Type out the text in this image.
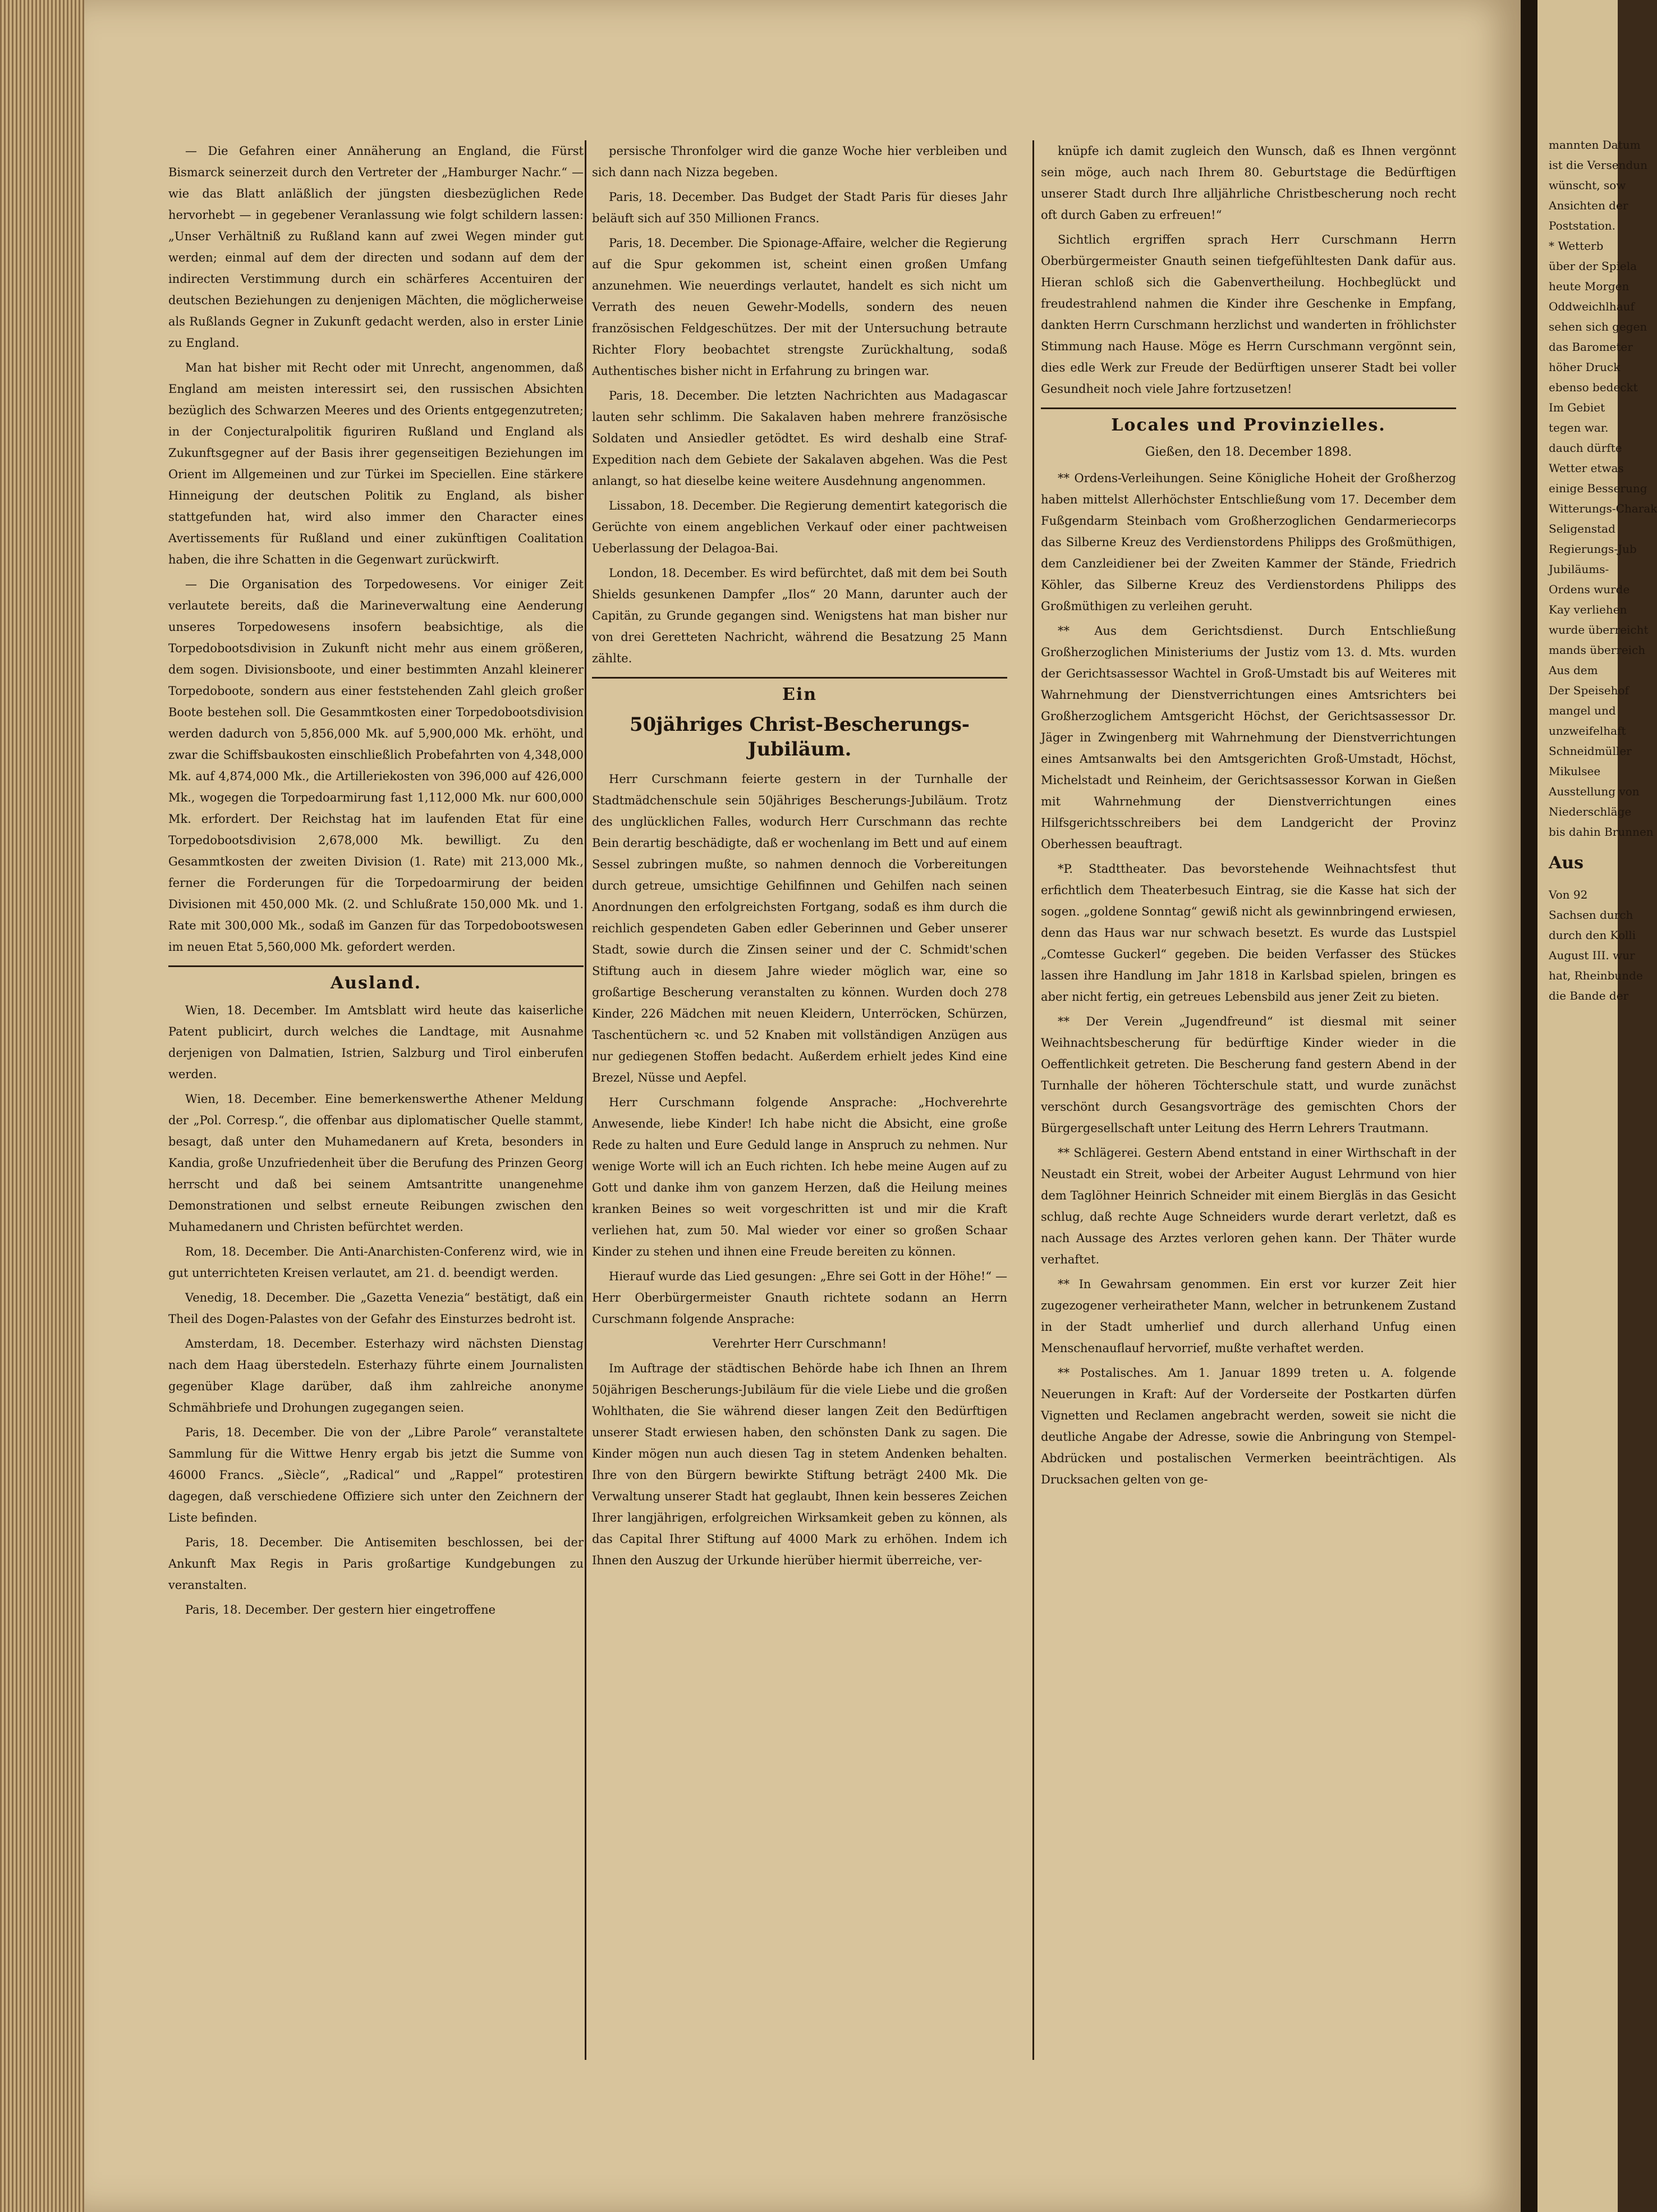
— Die Gefahren einer Annäherung an England, die Fürst Bismarck seinerzeit durch den Vertreter der „Hamburger Nachr.“ — wie das Blatt anläßlich der jüngsten diesbezüglichen Rede hervorhebt — in gegebener Veranlassung wie folgt schildern lassen: „Unser Verhältniß zu Rußland kann auf zwei Wegen minder gut werden; einmal auf dem der directen und sodann auf dem der indirecten Verstimmung durch ein schärferes Accentuiren der deutschen Beziehungen zu denjenigen Mächten, die möglicherweise als Rußlands Gegner in Zukunft gedacht werden, also in erster Linie zu England.

Man hat bisher mit Recht oder mit Unrecht, angenommen, daß England am meisten interessirt sei, den russischen Absichten bezüglich des Schwarzen Meeres und des Orients entgegenzutreten; in der Conjecturalpolitik figuriren Rußland und England als Zukunftsgegner auf der Basis ihrer gegenseitigen Beziehungen im Orient im Allgemeinen und zur Türkei im Speciellen. Eine stärkere Hinneigung der deutschen Politik zu England, als bisher stattgefunden hat, wird also immer den Character eines Avertissements für Rußland und einer zukünftigen Coalitation haben, die ihre Schatten in die Gegenwart zurückwirft.

— Die Organisation des Torpedowesens. Vor einiger Zeit verlautete bereits, daß die Marineverwaltung eine Aenderung unseres Torpedowesens insofern beabsichtige, als die Torpedobootsdivision in Zukunft nicht mehr aus einem größeren, dem sogen. Divisionsboote, und einer bestimmten Anzahl kleinerer Torpedoboote, sondern aus einer feststehenden Zahl gleich großer Boote bestehen soll. Die Gesammtkosten einer Torpedobootsdivision werden dadurch von 5,856,000 Mk. auf 5,900,000 Mk. erhöht, und zwar die Schiffsbaukosten einschließlich Probefahrten von 4,348,000 Mk. auf 4,874,000 Mk., die Artilleriekosten von 396,000 auf 426,000 Mk., wogegen die Torpedoarmirung fast 1,112,000 Mk. nur 600,000 Mk. erfordert. Der Reichstag hat im laufenden Etat für eine Torpedobootsdivision 2,678,000 Mk. bewilligt. Zu den Gesammtkosten der zweiten Division (1. Rate) mit 213,000 Mk., ferner die Forderungen für die Torpedoarmirung der beiden Divisionen mit 450,000 Mk. (2. und Schlußrate 150,000 Mk. und 1. Rate mit 300,000 Mk., sodaß im Ganzen für das Torpedobootswesen im neuen Etat 5,560,000 Mk. gefordert werden.

Ausland.

Wien, 18. December. Im Amtsblatt wird heute das kaiserliche Patent publicirt, durch welches die Landtage, mit Ausnahme derjenigen von Dalmatien, Istrien, Salzburg und Tirol einberufen werden.

Wien, 18. December. Eine bemerkenswerthe Athener Meldung der „Pol. Corresp.“, die offenbar aus diplomatischer Quelle stammt, besagt, daß unter den Muhamedanern auf Kreta, besonders in Kandia, große Unzufriedenheit über die Berufung des Prinzen Georg herrscht und daß bei seinem Amtsantritte unangenehme Demonstrationen und selbst erneute Reibungen zwischen den Muhamedanern und Christen befürchtet werden.

Rom, 18. December. Die Anti-Anarchisten-Conferenz wird, wie in gut unterrichteten Kreisen verlautet, am 21. d. beendigt werden.

Venedig, 18. December. Die „Gazetta Venezia“ bestätigt, daß ein Theil des Dogen-Palastes von der Gefahr des Einsturzes bedroht ist.

Amsterdam, 18. December. Esterhazy wird nächsten Dienstag nach dem Haag überstedeln. Esterhazy führte einem Journalisten gegenüber Klage darüber, daß ihm zahlreiche anonyme Schmähbriefe und Drohungen zugegangen seien.

Paris, 18. December. Die von der „Libre Parole“ veranstaltete Sammlung für die Wittwe Henry ergab bis jetzt die Summe von 46000 Francs. „Siècle“, „Radical“ und „Rappel“ protestiren dagegen, daß verschiedene Offiziere sich unter den Zeichnern der Liste befinden.

Paris, 18. December. Die Antisemiten beschlossen, bei der Ankunft Max Regis in Paris großartige Kundgebungen zu veranstalten.

Paris, 18. December. Der gestern hier eingetroffene

persische Thronfolger wird die ganze Woche hier verbleiben und sich dann nach Nizza begeben.

Paris, 18. December. Das Budget der Stadt Paris für dieses Jahr beläuft sich auf 350 Millionen Francs.

Paris, 18. December. Die Spionage-Affaire, welcher die Regierung auf die Spur gekommen ist, scheint einen großen Umfang anzunehmen. Wie neuerdings verlautet, handelt es sich nicht um Verrath des neuen Gewehr-Modells, sondern des neuen französischen Feldgeschützes. Der mit der Untersuchung betraute Richter Flory beobachtet strengste Zurückhaltung, sodaß Authentisches bisher nicht in Erfahrung zu bringen war.

Paris, 18. December. Die letzten Nachrichten aus Madagascar lauten sehr schlimm. Die Sakalaven haben mehrere französische Soldaten und Ansiedler getödtet. Es wird deshalb eine Straf-Expedition nach dem Gebiete der Sakalaven abgehen. Was die Pest anlangt, so hat dieselbe keine weitere Ausdehnung angenommen.

Lissabon, 18. December. Die Regierung dementirt kategorisch die Gerüchte von einem angeblichen Verkauf oder einer pachtweisen Ueberlassung der Delagoa-Bai.

London, 18. December. Es wird befürchtet, daß mit dem bei South Shields gesunkenen Dampfer „Ilos“ 20 Mann, darunter auch der Capitän, zu Grunde gegangen sind. Wenigstens hat man bisher nur von drei Geretteten Nachricht, während die Besatzung 25 Mann zählte.

Ein
50jähriges Christ-Bescherungs-Jubiläum.

Herr Curschmann feierte gestern in der Turnhalle der Stadtmädchenschule sein 50jähriges Bescherungs-Jubiläum. Trotz des unglücklichen Falles, wodurch Herr Curschmann das rechte Bein derartig beschädigte, daß er wochenlang im Bett und auf einem Sessel zubringen mußte, so nahmen dennoch die Vorbereitungen durch getreue, umsichtige Gehilfinnen und Gehilfen nach seinen Anordnungen den erfolgreichsten Fortgang, sodaß es ihm durch die reichlich gespendeten Gaben edler Geberinnen und Geber unserer Stadt, sowie durch die Zinsen seiner und der C. Schmidt'schen Stiftung auch in diesem Jahre wieder möglich war, eine so großartige Bescherung veranstalten zu können. Wurden doch 278 Kinder, 226 Mädchen mit neuen Kleidern, Unterröcken, Schürzen, Taschentüchern ꝛc. und 52 Knaben mit vollständigen Anzügen aus nur gediegenen Stoffen bedacht. Außerdem erhielt jedes Kind eine Brezel, Nüsse und Aepfel.

Herr Curschmann folgende Ansprache: „Hochverehrte Anwesende, liebe Kinder! Ich habe nicht die Absicht, eine große Rede zu halten und Eure Geduld lange in Anspruch zu nehmen. Nur wenige Worte will ich an Euch richten. Ich hebe meine Augen auf zu Gott und danke ihm von ganzem Herzen, daß die Heilung meines kranken Beines so weit vorgeschritten ist und mir die Kraft verliehen hat, zum 50. Mal wieder vor einer so großen Schaar Kinder zu stehen und ihnen eine Freude bereiten zu können.

Hierauf wurde das Lied gesungen: „Ehre sei Gott in der Höhe!“ — Herr Oberbürgermeister Gnauth richtete sodann an Herrn Curschmann folgende Ansprache:

Verehrter Herr Curschmann!

Im Auftrage der städtischen Behörde habe ich Ihnen an Ihrem 50jährigen Bescherungs-Jubiläum für die viele Liebe und die großen Wohlthaten, die Sie während dieser langen Zeit den Bedürftigen unserer Stadt erwiesen haben, den schönsten Dank zu sagen. Die Kinder mögen nun auch diesen Tag in stetem Andenken behalten. Ihre von den Bürgern bewirkte Stiftung beträgt 2400 Mk. Die Verwaltung unserer Stadt hat geglaubt, Ihnen kein besseres Zeichen Ihrer langjährigen, erfolgreichen Wirksamkeit geben zu können, als das Capital Ihrer Stiftung auf 4000 Mark zu erhöhen. Indem ich Ihnen den Auszug der Urkunde hierüber hiermit überreiche, ver-

knüpfe ich damit zugleich den Wunsch, daß es Ihnen vergönnt sein möge, auch nach Ihrem 80. Geburtstage die Bedürftigen unserer Stadt durch Ihre alljährliche Christbescherung noch recht oft durch Gaben zu erfreuen!“

Sichtlich ergriffen sprach Herr Curschmann Herrn Oberbürgermeister Gnauth seinen tiefgefühltesten Dank dafür aus. Hieran schloß sich die Gabenvertheilung. Hochbeglückt und freudestrahlend nahmen die Kinder ihre Geschenke in Empfang, dankten Herrn Curschmann herzlichst und wanderten in fröhlichster Stimmung nach Hause. Möge es Herrn Curschmann vergönnt sein, dies edle Werk zur Freude der Bedürftigen unserer Stadt bei voller Gesundheit noch viele Jahre fortzusetzen!

Locales und Provinzielles.
Gießen, den 18. December 1898.

** Ordens-Verleihungen. Seine Königliche Hoheit der Großherzog haben mittelst Allerhöchster Entschließung vom 17. December dem Fußgendarm Steinbach vom Großherzoglichen Gendarmeriecorps das Silberne Kreuz des Verdienstordens Philipps des Großmüthigen, dem Canzleidiener bei der Zweiten Kammer der Stände, Friedrich Köhler, das Silberne Kreuz des Verdienstordens Philipps des Großmüthigen zu verleihen geruht.

** Aus dem Gerichtsdienst. Durch Entschließung Großherzoglichen Ministeriums der Justiz vom 13. d. Mts. wurden der Gerichtsassessor Wachtel in Groß-Umstadt bis auf Weiteres mit Wahrnehmung der Dienstverrichtungen eines Amtsrichters bei Großherzoglichem Amtsgericht Höchst, der Gerichtsassessor Dr. Jäger in Zwingenberg mit Wahrnehmung der Dienstverrichtungen eines Amtsanwalts bei den Amtsgerichten Groß-Umstadt, Höchst, Michelstadt und Reinheim, der Gerichtsassessor Korwan in Gießen mit Wahrnehmung der Dienstverrichtungen eines Hilfsgerichtsschreibers bei dem Landgericht der Provinz Oberhessen beauftragt.

*P. Stadttheater. Das bevorstehende Weihnachtsfest thut erfichtlich dem Theaterbesuch Eintrag, sie die Kasse hat sich der sogen. „goldene Sonntag“ gewiß nicht als gewinnbringend erwiesen, denn das Haus war nur schwach besetzt. Es wurde das Lustspiel „Comtesse Guckerl“ gegeben. Die beiden Verfasser des Stückes lassen ihre Handlung im Jahr 1818 in Karlsbad spielen, bringen es aber nicht fertig, ein getreues Lebensbild aus jener Zeit zu bieten.

** Der Verein „Jugendfreund“ ist diesmal mit seiner Weihnachtsbescherung für bedürftige Kinder wieder in die Oeffentlichkeit getreten. Die Bescherung fand gestern Abend in der Turnhalle der höheren Töchterschule statt, und wurde zunächst verschönt durch Gesangsvorträge des gemischten Chors der Bürgergesellschaft unter Leitung des Herrn Lehrers Trautmann.

** Schlägerei. Gestern Abend entstand in einer Wirthschaft in der Neustadt ein Streit, wobei der Arbeiter August Lehrmund von hier dem Taglöhner Heinrich Schneider mit einem Biergläs in das Gesicht schlug, daß rechte Auge Schneiders wurde derart verletzt, daß es nach Aussage des Arztes verloren gehen kann. Der Thäter wurde verhaftet.

** In Gewahrsam genommen. Ein erst vor kurzer Zeit hier zugezogener verheiratheter Mann, welcher in betrunkenem Zustand in der Stadt umherlief und durch allerhand Unfug einen Menschenauflauf hervorrief, mußte verhaftet werden.

** Postalisches. Am 1. Januar 1899 treten u. A. folgende Neuerungen in Kraft: Auf der Vorderseite der Postkarten dürfen Vignetten und Reclamen angebracht werden, soweit sie nicht die deutliche Angabe der Adresse, sowie die Anbringung von Stempel-Abdrücken und postalischen Vermerken beeinträchtigen. Als Drucksachen gelten von ge-

mannten Datum
ist die Versendun
wünscht, sow
Ansichten der
Poststation.
* Wetterb
über der Spiela
heute Morgen
Oddweichlhauf
sehen sich gegen
das Barometer
höher Druck
ebenso bedeckt
Im Gebiet
tegen war.
dauch dürfte
Wetter etwas
einige Besserung
Witterungs-Charak
Seligenstad
Regierungs-Jub
Jubiläums-
Ordens wurde
Kay verliehen
wurde überreicht
mands überreich
Aus dem
Der Speisehof
mangel und
unzweifelhaft
Schneidmüller
Mikulsee
Ausstellung von
Niederschläge
bis dahin Brunnen
Aus
Von 92
Sachsen durch
durch den Kolli
August III. wur
hat, Rheinbunde
die Bande der
